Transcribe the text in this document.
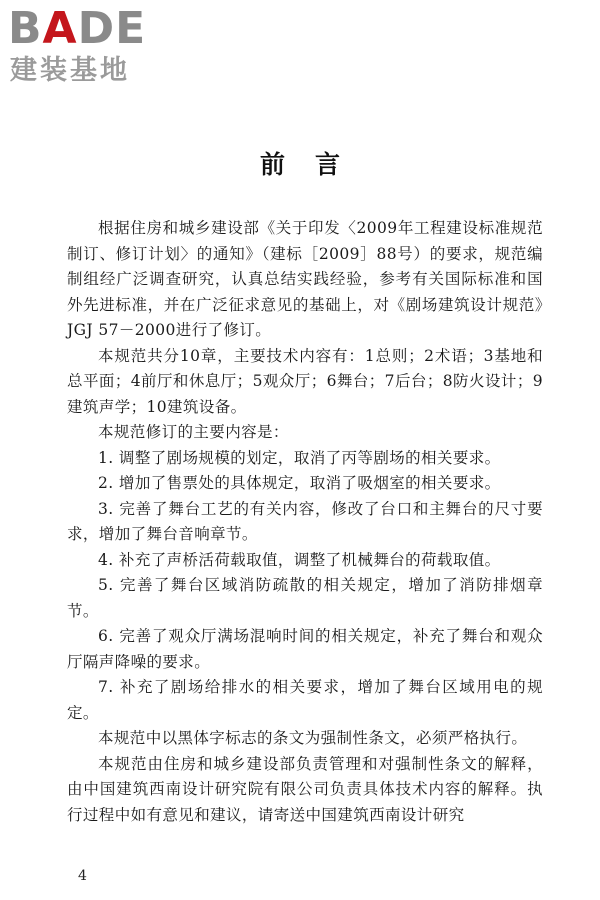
BADE
建装基地
前言

根据住房和城乡建设部《关于印发〈2009年工程建设标准规范制订、修订计划〉的通知》（建标［2009］88号）的要求，规范编制组经广泛调查研究，认真总结实践经验，参考有关国际标准和国外先进标准，并在广泛征求意见的基础上，对《剧场建筑设计规范》JGJ 57－2000进行了修订。

本规范共分10章，主要技术内容有：1总则；2术语；3基地和总平面；4前厅和休息厅；5观众厅；6舞台；7后台；8防火设计；9建筑声学；10建筑设备。

本规范修订的主要内容是：

1. 调整了剧场规模的划定，取消了丙等剧场的相关要求。

2. 增加了售票处的具体规定，取消了吸烟室的相关要求。

3. 完善了舞台工艺的有关内容，修改了台口和主舞台的尺寸要求，增加了舞台音响章节。

4. 补充了声桥活荷载取值，调整了机械舞台的荷载取值。

5. 完善了舞台区域消防疏散的相关规定，增加了消防排烟章节。

6. 完善了观众厅满场混响时间的相关规定，补充了舞台和观众厅隔声降噪的要求。

7. 补充了剧场给排水的相关要求，增加了舞台区域用电的规定。

本规范中以黑体字标志的条文为强制性条文，必须严格执行。

本规范由住房和城乡建设部负责管理和对强制性条文的解释，由中国建筑西南设计研究院有限公司负责具体技术内容的解释。执行过程中如有意见和建议，请寄送中国建筑西南设计研究

4
